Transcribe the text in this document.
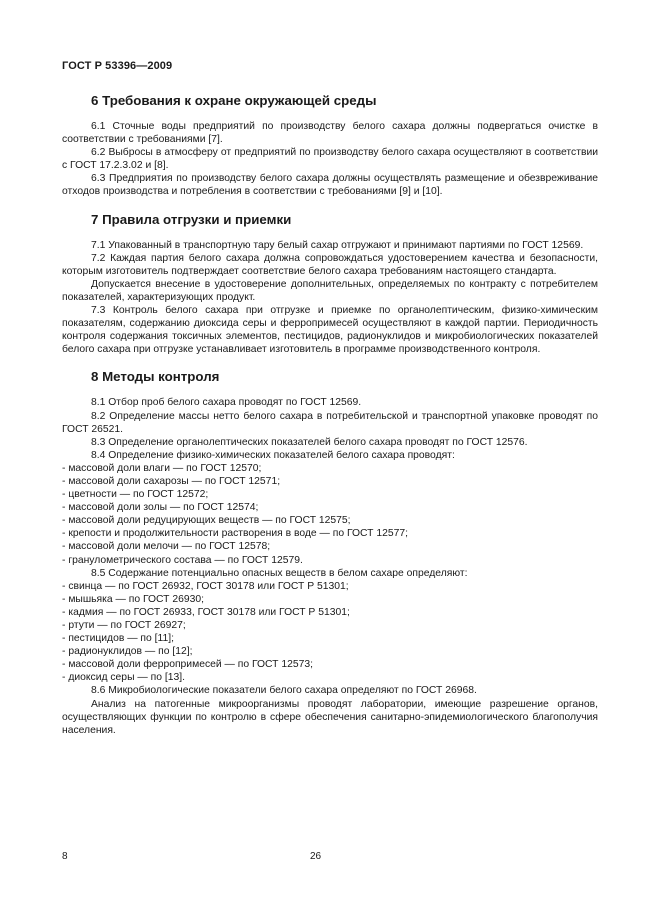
ГОСТ Р 53396—2009
6 Требования к охране окружающей среды

6.1 Сточные воды предприятий по производству белого сахара должны подвергаться очистке в соответствии с требованиями [7].

6.2 Выбросы в атмосферу от предприятий по производству белого сахара осуществляют в соответствии с ГОСТ 17.2.3.02 и [8].

6.3 Предприятия по производству белого сахара должны осуществлять размещение и обезвреживание отходов производства и потребления в соответствии с требованиями [9] и [10].

7 Правила отгрузки и приемки

7.1 Упакованный в транспортную тару белый сахар отгружают и принимают партиями по ГОСТ 12569.

7.2 Каждая партия белого сахара должна сопровождаться удостоверением качества и безопасности, которым изготовитель подтверждает соответствие белого сахара требованиям настоящего стандарта.

Допускается внесение в удостоверение дополнительных, определяемых по контракту с потребителем показателей, характеризующих продукт.

7.3 Контроль белого сахара при отгрузке и приемке по органолептическим, физико-химическим показателям, содержанию диоксида серы и ферропримесей осуществляют в каждой партии. Периодичность контроля содержания токсичных элементов, пестицидов, радионуклидов и микробиологических показателей белого сахара при отгрузке устанавливает изготовитель в программе производственного контроля.

8 Методы контроля

8.1 Отбор проб белого сахара проводят по ГОСТ 12569.

8.2 Определение массы нетто белого сахара в потребительской и транспортной упаковке проводят по ГОСТ 26521.

8.3 Определение органолептических показателей белого сахара проводят по ГОСТ 12576.

8.4 Определение физико-химических показателей белого сахара проводят:

- массовой доли влаги — по ГОСТ 12570;

- массовой доли сахарозы — по ГОСТ 12571;

- цветности — по ГОСТ 12572;

- массовой доли золы — по ГОСТ 12574;

- массовой доли редуцирующих веществ — по ГОСТ 12575;

- крепости и продолжительности растворения в воде — по ГОСТ 12577;

- массовой доли мелочи — по ГОСТ 12578;

- гранулометрического состава — по ГОСТ 12579.

8.5 Содержание потенциально опасных веществ в белом сахаре определяют:

- свинца — по ГОСТ 26932, ГОСТ 30178 или ГОСТ Р 51301;

- мышьяка — по ГОСТ 26930;

- кадмия — по ГОСТ 26933, ГОСТ 30178 или ГОСТ Р 51301;

- ртути — по ГОСТ 26927;

- пестицидов — по [11];

- радионуклидов — по [12];

- массовой доли ферропримесей — по ГОСТ 12573;

- диоксид серы — по [13].

8.6 Микробиологические показатели белого сахара определяют по ГОСТ 26968.

Анализ на патогенные микроорганизмы проводят лаборатории, имеющие разрешение органов, осуществляющих функции по контролю в сфере обеспечения санитарно-эпидемиологического благополучия населения.

8	26
